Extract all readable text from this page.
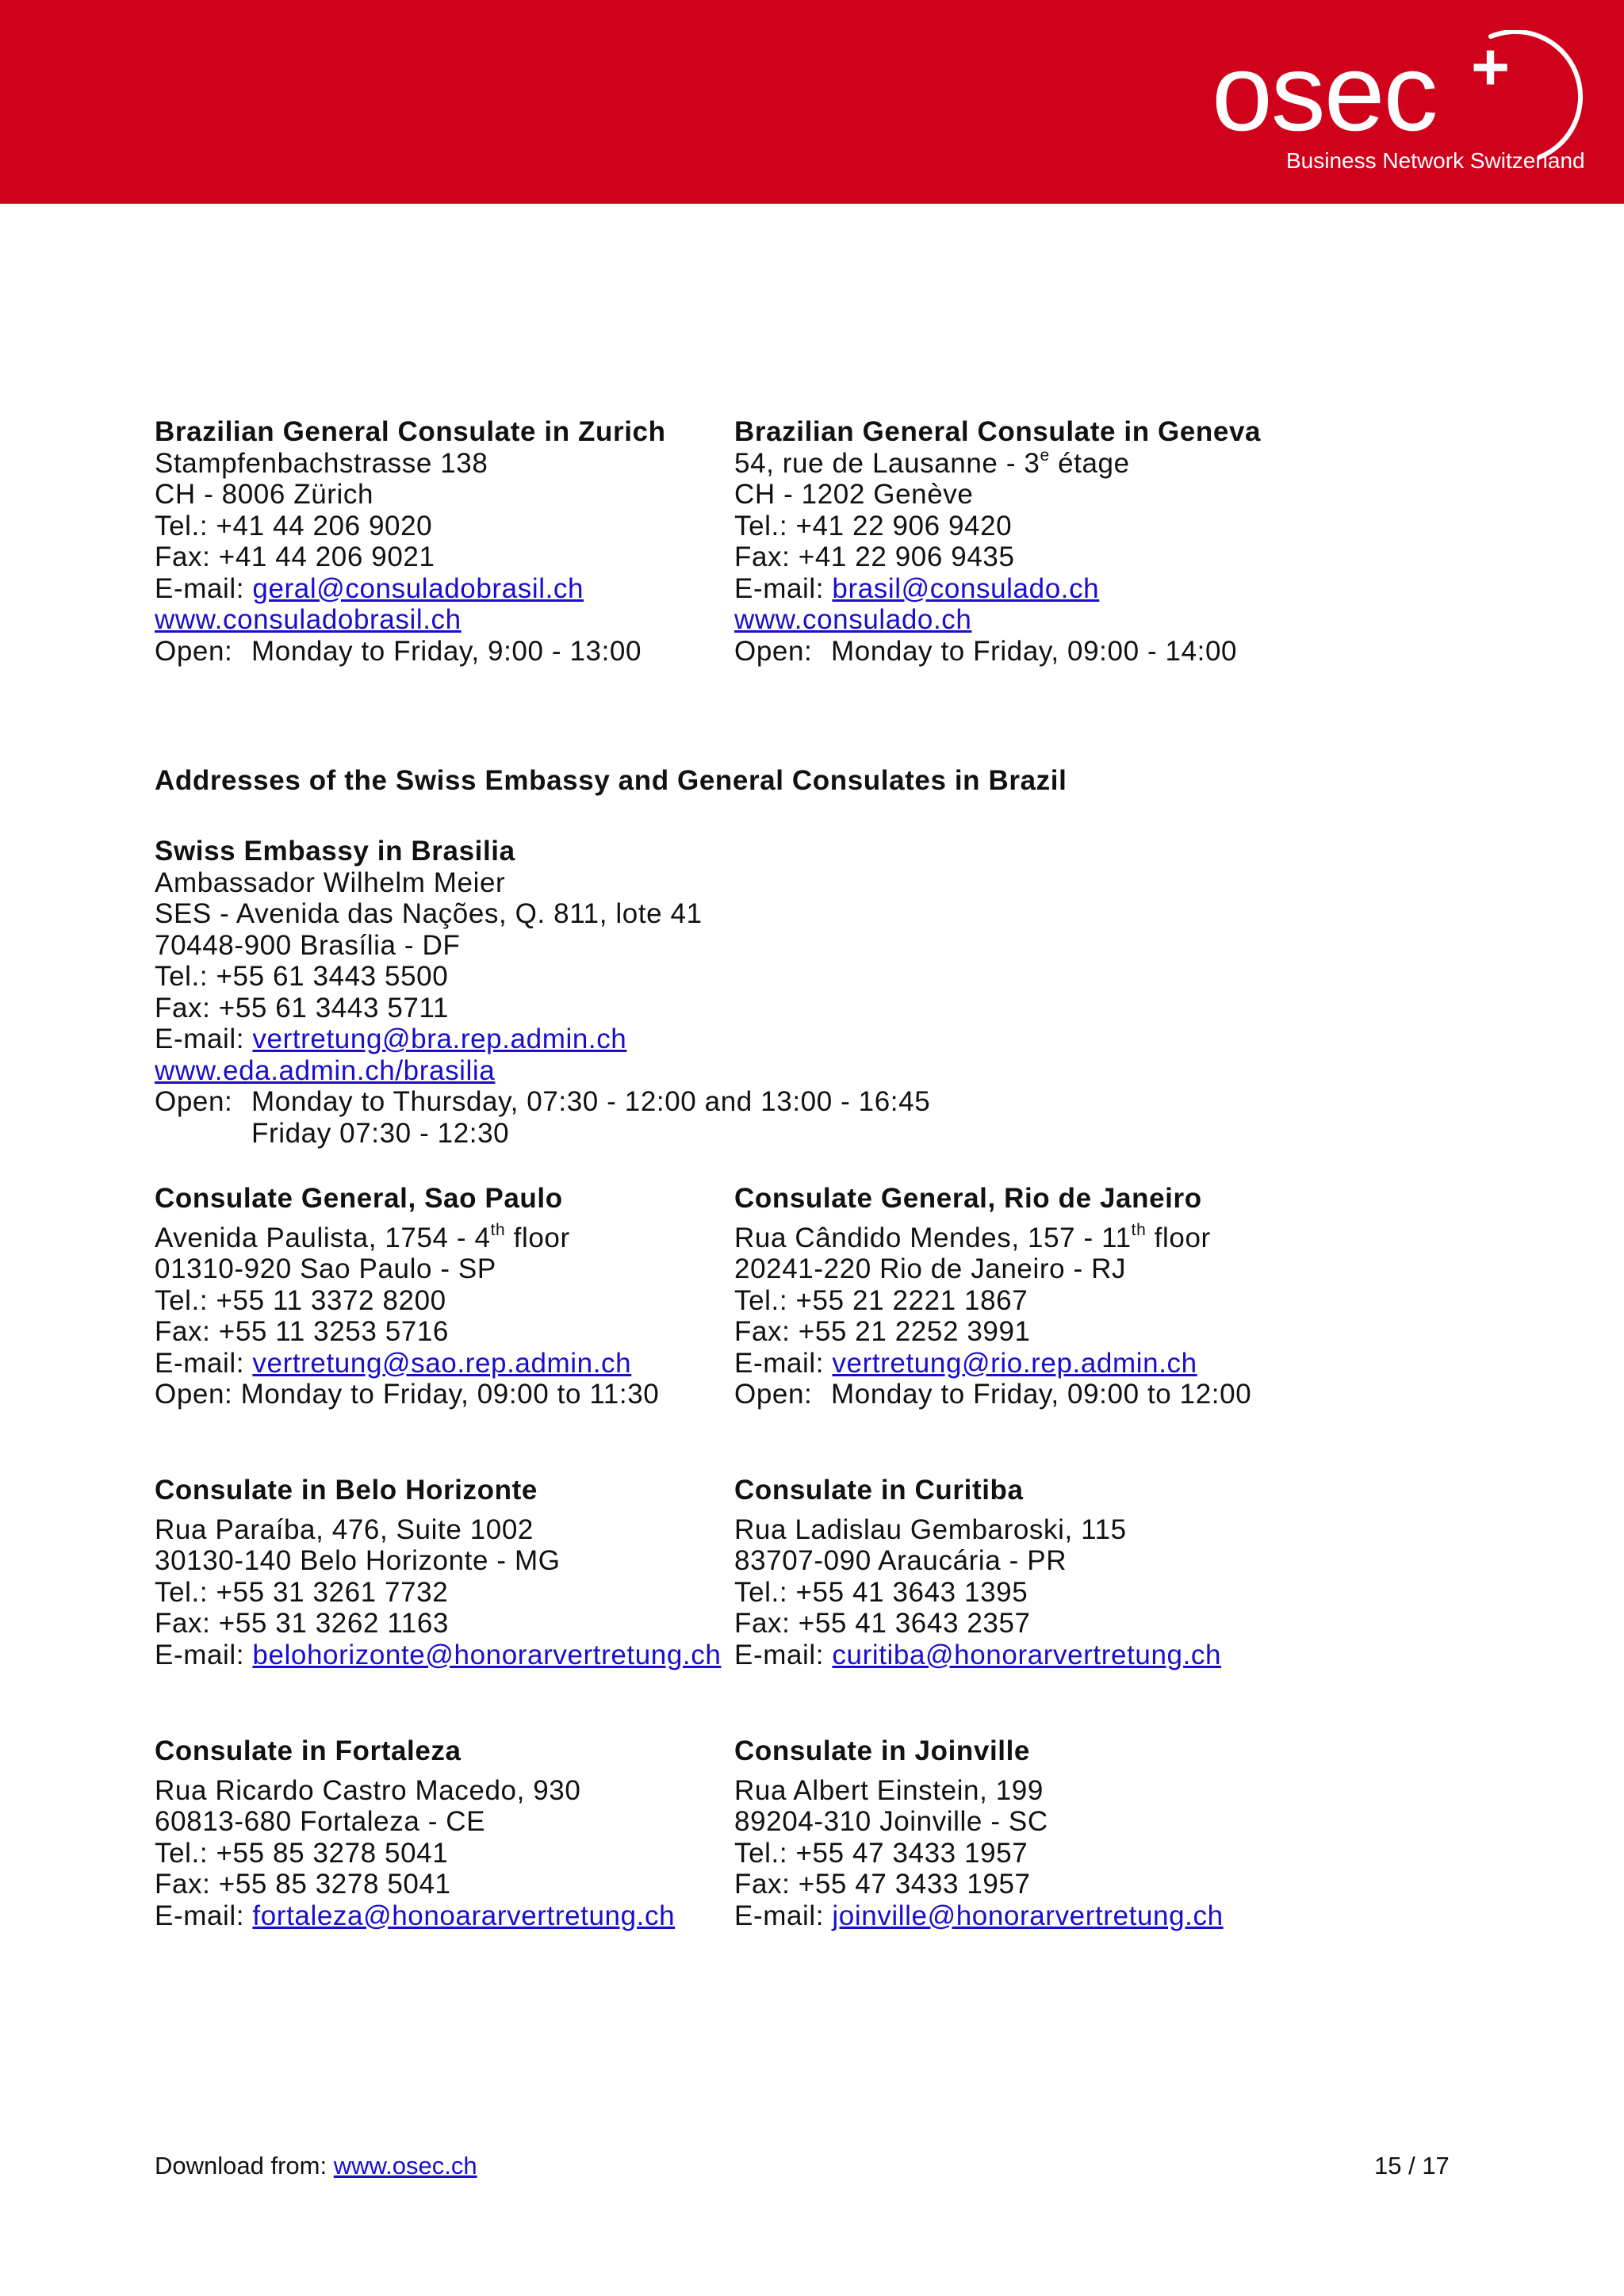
osec +
Business Network Switzerland
Brazilian General Consulate in Zurich
Stampfenbachstrasse 138
CH - 8006 Zürich
Tel.: +41 44 206 9020
Fax: +41 44 206 9021
E-mail: geral@consuladobrasil.ch
www.consuladobrasil.ch
Open: Monday to Friday, 9:00 - 13:00
Brazilian General Consulate in Geneva
54, rue de Lausanne - 3e étage
CH - 1202 Genève
Tel.: +41 22 906 9420
Fax: +41 22 906 9435
E-mail: brasil@consulado.ch
www.consulado.ch
Open: Monday to Friday, 09:00 - 14:00
Addresses of the Swiss Embassy and General Consulates in Brazil
Swiss Embassy in Brasilia
Ambassador Wilhelm Meier
SES - Avenida das Nações, Q. 811, lote 41
70448-900 Brasília - DF
Tel.: +55 61 3443 5500
Fax: +55 61 3443 5711
E-mail: vertretung@bra.rep.admin.ch
www.eda.admin.ch/brasilia
Open: Monday to Thursday, 07:30 - 12:00 and 13:00 - 16:45
Friday 07:30 - 12:30
Consulate General, Sao Paulo
Avenida Paulista, 1754 - 4th floor
01310-920 Sao Paulo - SP
Tel.: +55 11 3372 8200
Fax: +55 11 3253 5716
E-mail: vertretung@sao.rep.admin.ch
Open: Monday to Friday, 09:00 to 11:30
Consulate General, Rio de Janeiro
Rua Cândido Mendes, 157 - 11th floor
20241-220 Rio de Janeiro - RJ
Tel.: +55 21 2221 1867
Fax: +55 21 2252 3991
E-mail: vertretung@rio.rep.admin.ch
Open: Monday to Friday, 09:00 to 12:00
Consulate in Belo Horizonte
Rua Paraíba, 476, Suite 1002
30130-140 Belo Horizonte - MG
Tel.: +55 31 3261 7732
Fax: +55 31 3262 1163
E-mail: belohorizonte@honorarvertretung.ch
Consulate in Curitiba
Rua Ladislau Gembaroski, 115
83707-090 Araucária - PR
Tel.: +55 41 3643 1395
Fax: +55 41 3643 2357
E-mail: curitiba@honorarvertretung.ch
Consulate in Fortaleza
Rua Ricardo Castro Macedo, 930
60813-680 Fortaleza - CE
Tel.: +55 85 3278 5041
Fax: +55 85 3278 5041
E-mail: fortaleza@honoararvertretung.ch
Consulate in Joinville
Rua Albert Einstein, 199
89204-310 Joinville - SC
Tel.: +55 47 3433 1957
Fax: +55 47 3433 1957
E-mail: joinville@honorarvertretung.ch
Download from: www.osec.ch	15 / 17
